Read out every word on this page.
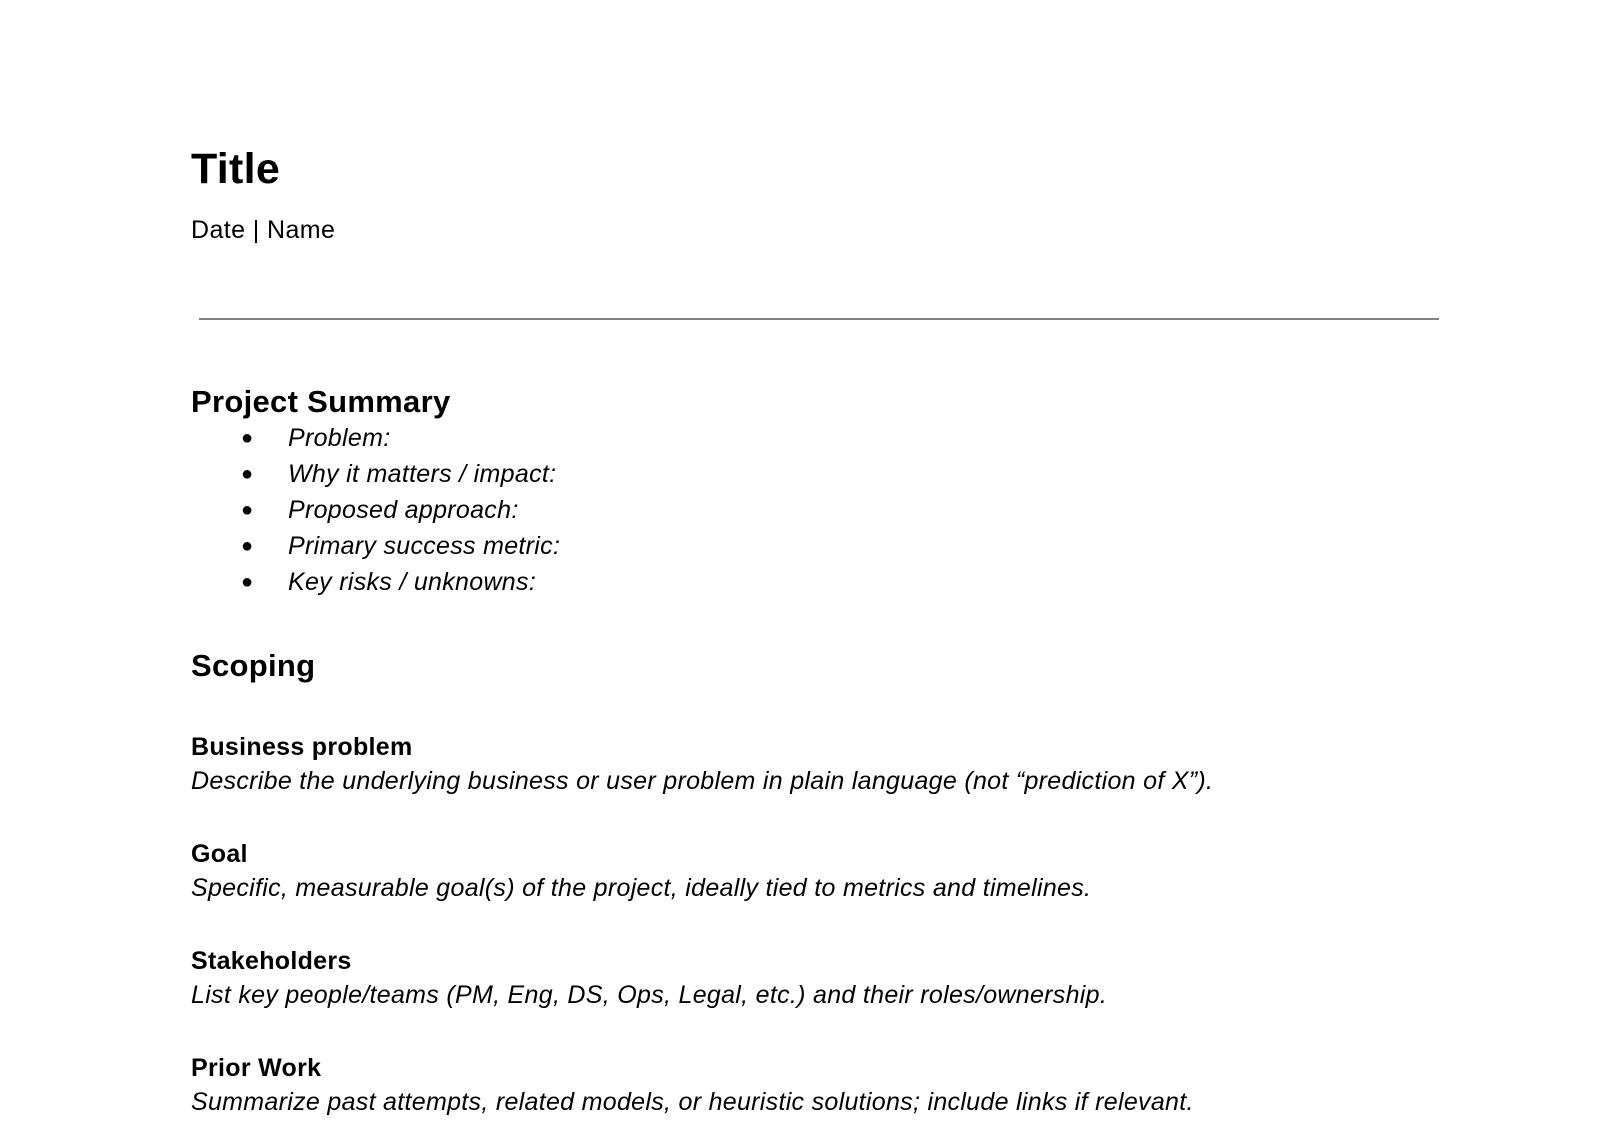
Title

Date | Name

Project Summary
● Problem:
● Why it matters / impact:
● Proposed approach:
● Primary success metric:
● Key risks / unknowns:
Scoping
Business problem

Describe the underlying business or user problem in plain language (not “prediction of X”).

Goal

Specific, measurable goal(s) of the project, ideally tied to metrics and timelines.

Stakeholders

List key people/teams (PM, Eng, DS, Ops, Legal, etc.) and their roles/ownership.

Prior Work

Summarize past attempts, related models, or heuristic solutions; include links if relevant.
